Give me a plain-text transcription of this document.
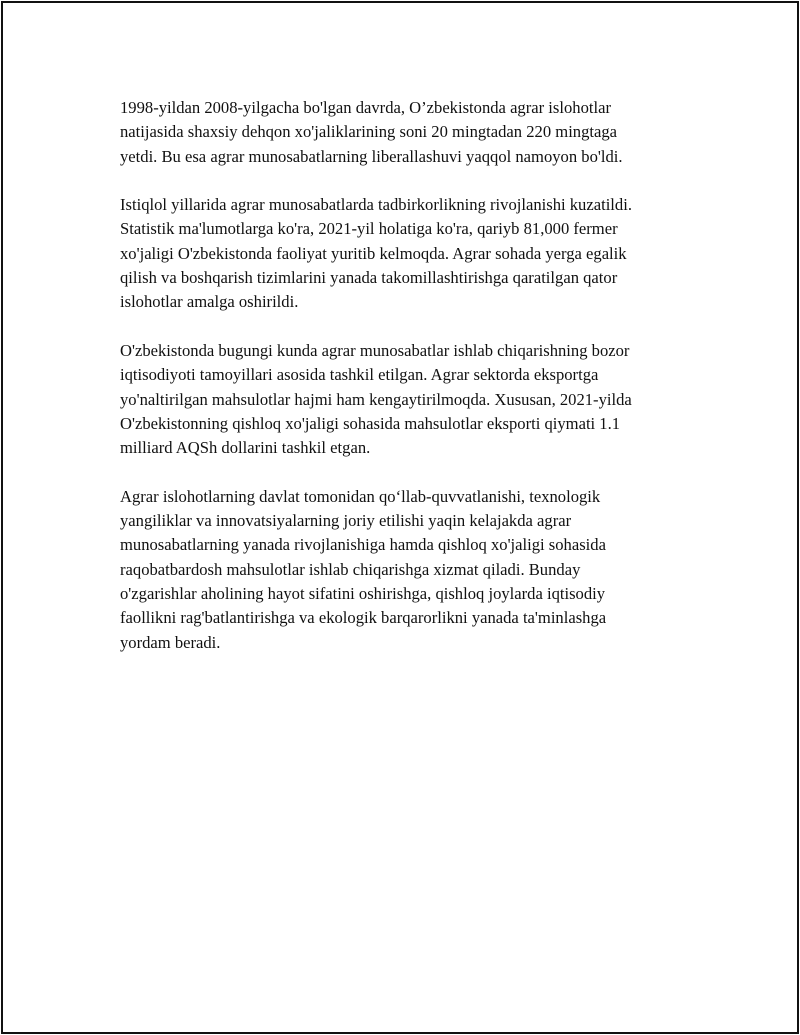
1998-yildan 2008-yilgacha bo'lgan davrda, O’zbekistonda agrar islohotlar
natijasida shaxsiy dehqon xo'jaliklarining soni 20 mingtadan 220 mingtaga
yetdi. Bu esa agrar munosabatlarning liberallashuvi yaqqol namoyon bo'ldi.

Istiqlol yillarida agrar munosabatlarda tadbirkorlikning rivojlanishi kuzatildi.
Statistik ma'lumotlarga ko'ra, 2021-yil holatiga ko'ra, qariyb 81,000 fermer
xo'jaligi O'zbekistonda faoliyat yuritib kelmoqda. Agrar sohada yerga egalik
qilish va boshqarish tizimlarini yanada takomillashtirishga qaratilgan qator
islohotlar amalga oshirildi.

O'zbekistonda bugungi kunda agrar munosabatlar ishlab chiqarishning bozor
iqtisodiyoti tamoyillari asosida tashkil etilgan. Agrar sektorda eksportga
yo'naltirilgan mahsulotlar hajmi ham kengaytirilmoqda. Xususan, 2021-yilda
O'zbekistonning qishloq xo'jaligi sohasida mahsulotlar eksporti qiymati 1.1
milliard AQSh dollarini tashkil etgan.

Agrar islohotlarning davlat tomonidan qo‘llab-quvvatlanishi, texnologik
yangiliklar va innovatsiyalarning joriy etilishi yaqin kelajakda agrar
munosabatlarning yanada rivojlanishiga hamda qishloq xo'jaligi sohasida
raqobatbardosh mahsulotlar ishlab chiqarishga xizmat qiladi. Bunday
o'zgarishlar aholining hayot sifatini oshirishga, qishloq joylarda iqtisodiy
faollikni rag'batlantirishga va ekologik barqarorlikni yanada ta'minlashga
yordam beradi.
